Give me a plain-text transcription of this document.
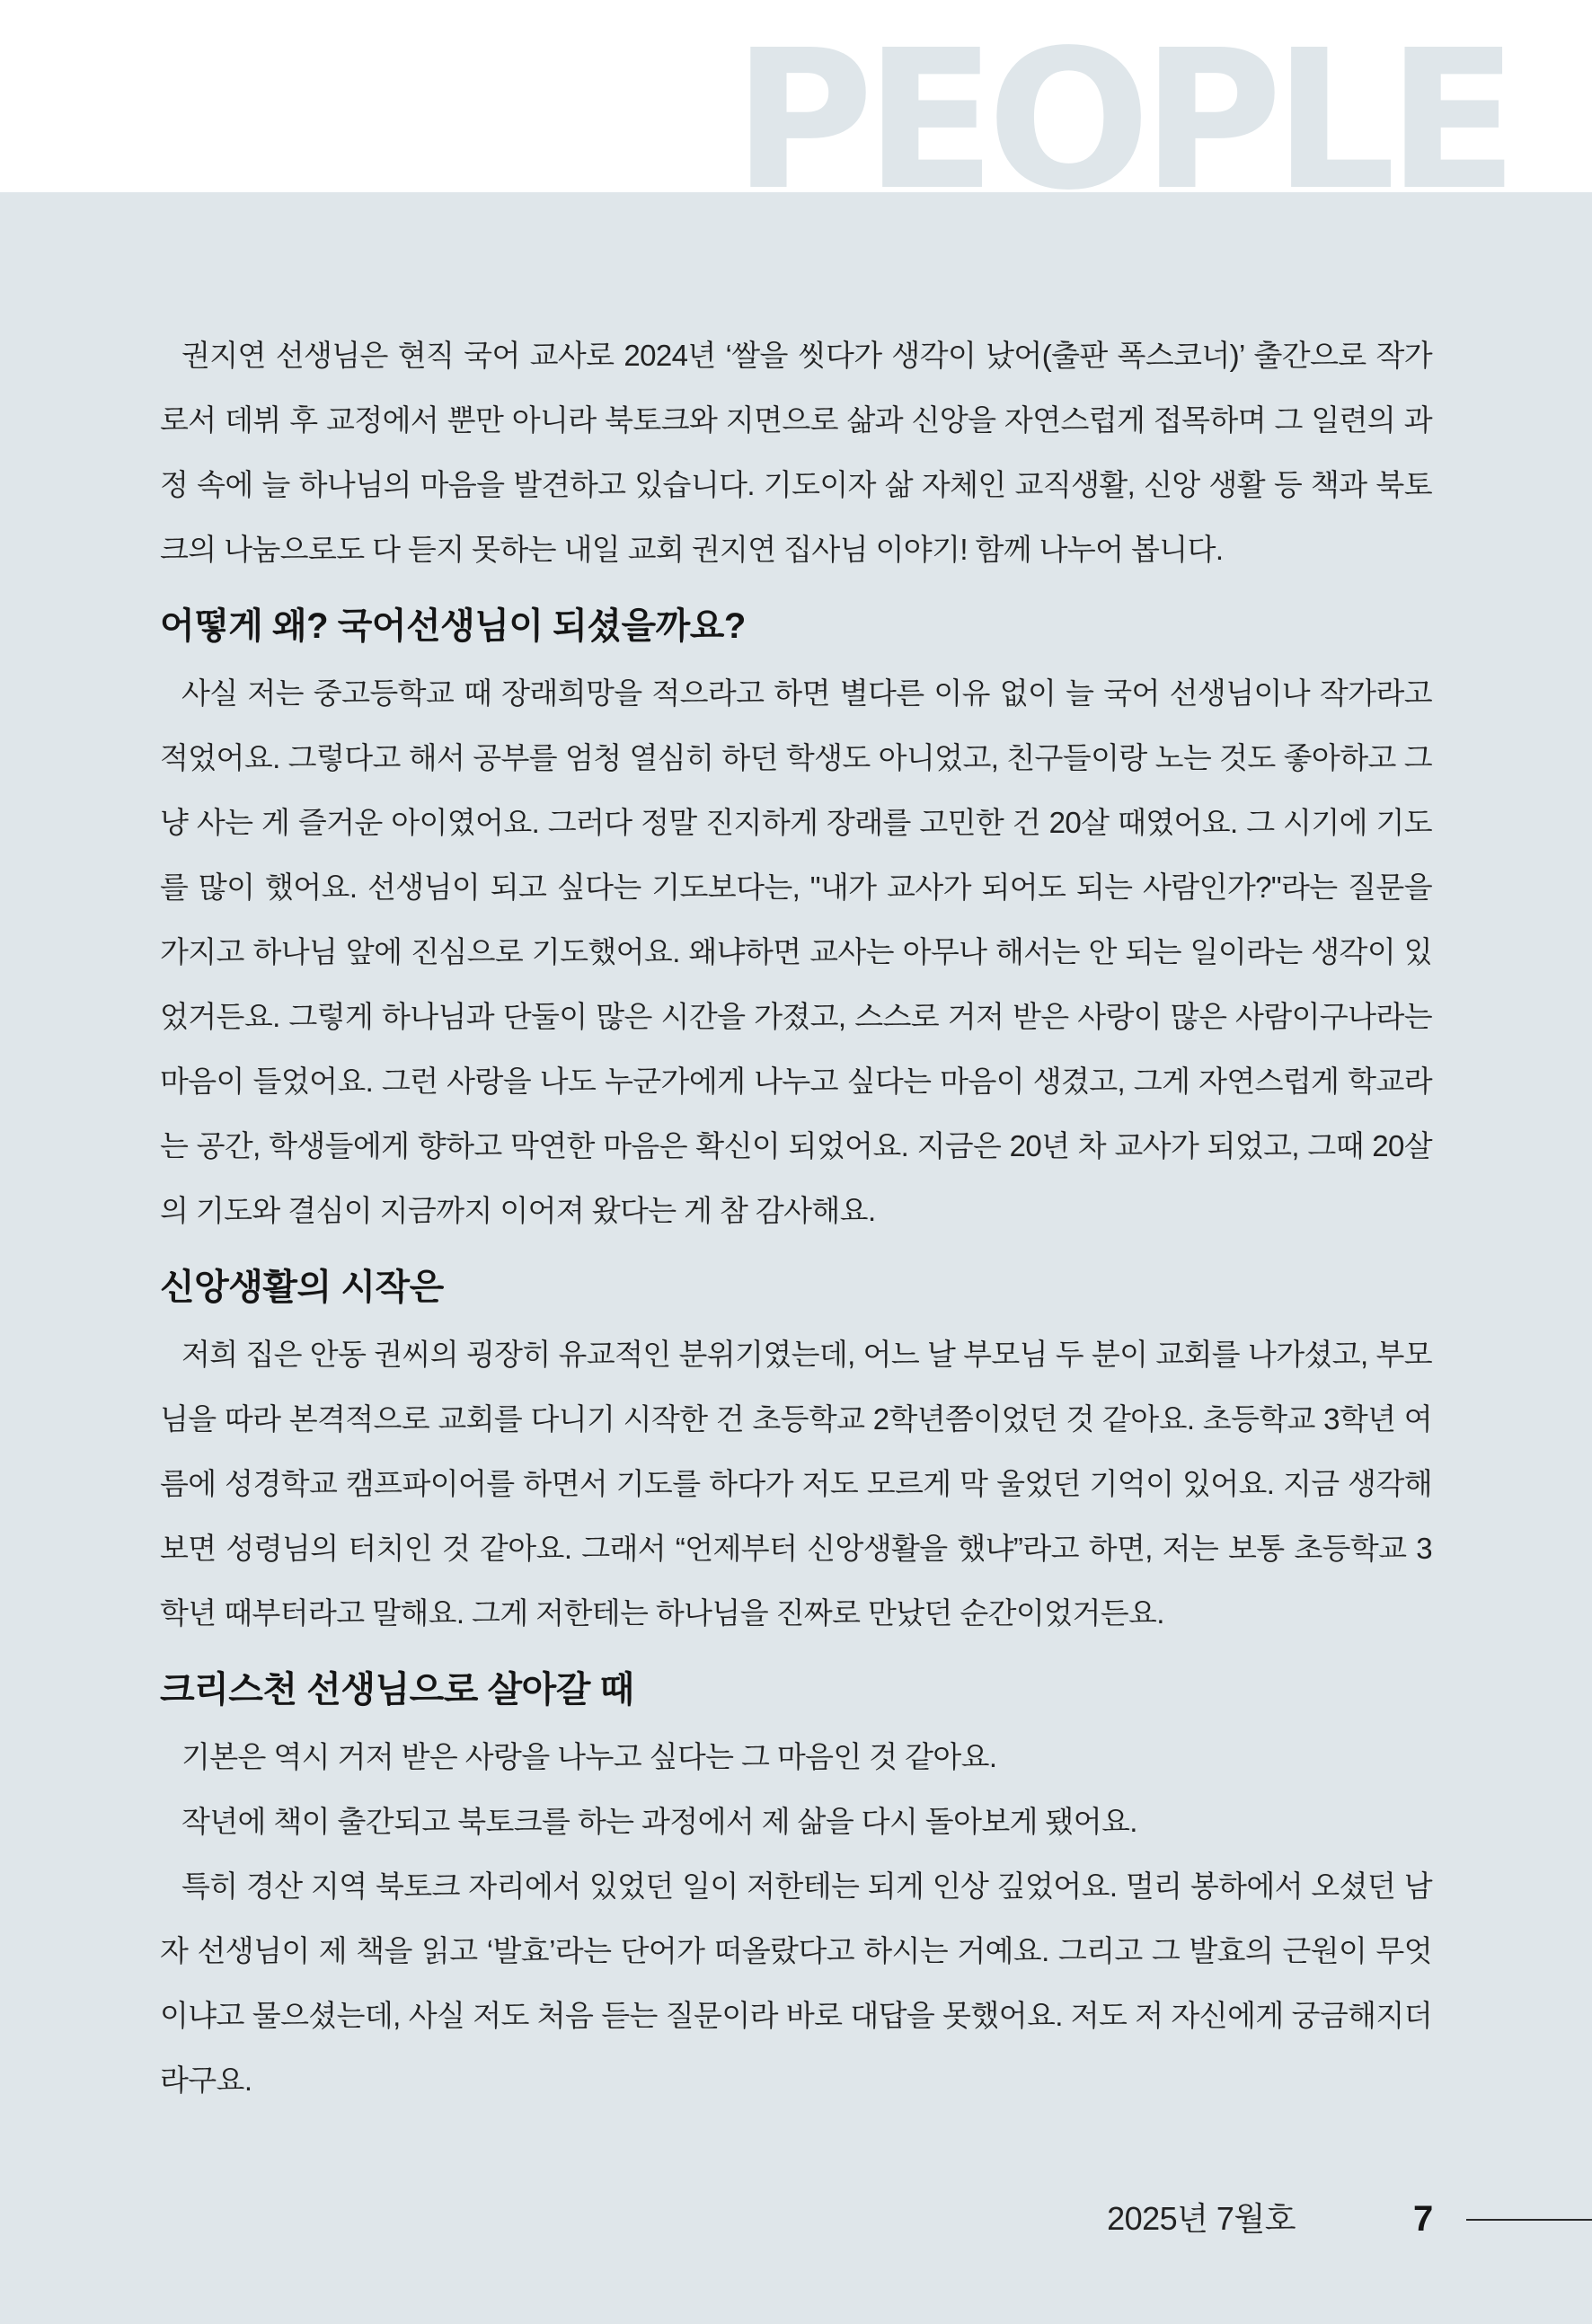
PEOPLE

권지연 선생님은 현직 국어 교사로 2024년 ‘쌀을 씻다가 생각이 났어(출판 폭스코너)’ 출간으로 작가로서 데뷔 후 교정에서 뿐만 아니라 북토크와 지면으로 삶과 신앙을 자연스럽게 접목하며 그 일련의 과정 속에 늘 하나님의 마음을 발견하고 있습니다. 기도이자 삶 자체인 교직생활, 신앙 생활 등 책과 북토크의 나눔으로도 다 듣지 못하는 내일 교회 권지연 집사님 이야기! 함께 나누어 봅니다.

어떻게 왜? 국어선생님이 되셨을까요?

사실 저는 중고등학교 때 장래희망을 적으라고 하면 별다른 이유 없이 늘 국어 선생님이나 작가라고 적었어요. 그렇다고 해서 공부를 엄청 열심히 하던 학생도 아니었고, 친구들이랑 노는 것도 좋아하고 그냥 사는 게 즐거운 아이였어요. 그러다 정말 진지하게 장래를 고민한 건 20살 때였어요. 그 시기에 기도를 많이 했어요. 선생님이 되고 싶다는 기도보다는, "내가 교사가 되어도 되는 사람인가?"라는 질문을 가지고 하나님 앞에 진심으로 기도했어요. 왜냐하면 교사는 아무나 해서는 안 되는 일이라는 생각이 있었거든요. 그렇게 하나님과 단둘이 많은 시간을 가졌고, 스스로 거저 받은 사랑이 많은 사람이구나라는 마음이 들었어요. 그런 사랑을 나도 누군가에게 나누고 싶다는 마음이 생겼고, 그게 자연스럽게 학교라는 공간, 학생들에게 향하고 막연한 마음은 확신이 되었어요. 지금은 20년 차 교사가 되었고, 그때 20살의 기도와 결심이 지금까지 이어져 왔다는 게 참 감사해요.

신앙생활의 시작은

저희 집은 안동 권씨의 굉장히 유교적인 분위기였는데, 어느 날 부모님 두 분이 교회를 나가셨고, 부모님을 따라 본격적으로 교회를 다니기 시작한 건 초등학교 2학년쯤이었던 것 같아요. 초등학교 3학년 여름에 성경학교 캠프파이어를 하면서 기도를 하다가 저도 모르게 막 울었던 기억이 있어요. 지금 생각해보면 성령님의 터치인 것 같아요. 그래서 “언제부터 신앙생활을 했냐”라고 하면, 저는 보통 초등학교 3학년 때부터라고 말해요. 그게 저한테는 하나님을 진짜로 만났던 순간이었거든요.

크리스천 선생님으로 살아갈 때

기본은 역시 거저 받은 사랑을 나누고 싶다는 그 마음인 것 같아요.

작년에 책이 출간되고 북토크를 하는 과정에서 제 삶을 다시 돌아보게 됐어요.

특히 경산 지역 북토크 자리에서 있었던 일이 저한테는 되게 인상 깊었어요. 멀리 봉하에서 오셨던 남자 선생님이 제 책을 읽고 ‘발효’라는 단어가 떠올랐다고 하시는 거예요. 그리고 그 발효의 근원이 무엇이냐고 물으셨는데, 사실 저도 처음 듣는 질문이라 바로 대답을 못했어요. 저도 저 자신에게 궁금해지더라구요.

2025년 7월호	7
